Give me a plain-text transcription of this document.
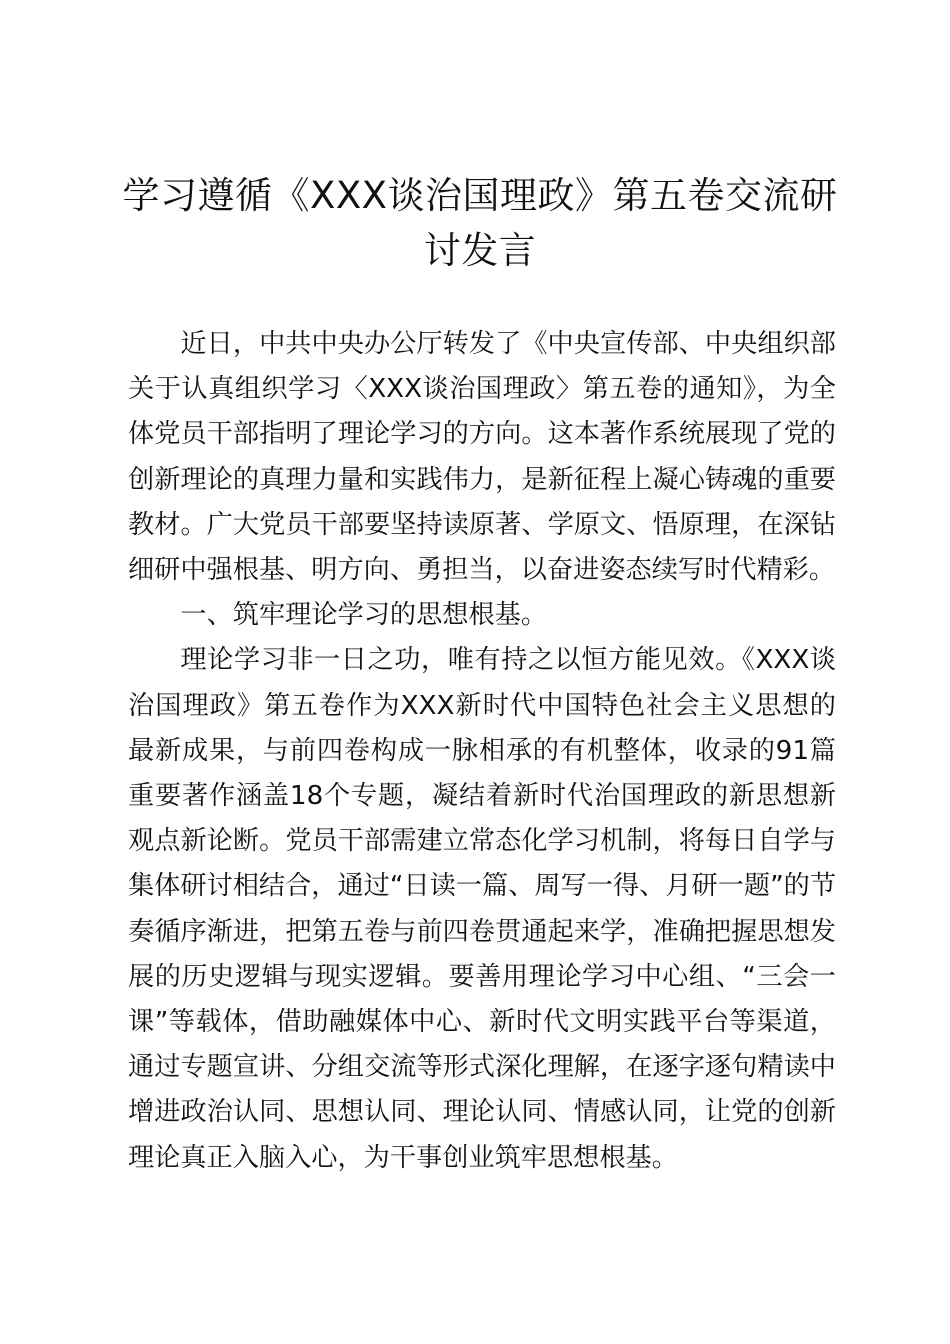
学习遵循《XXX谈治国理政》第五卷交流研讨发言

近日，中共中央办公厅转发了《中央宣传部、中央组织部关于认真组织学习〈XXX谈治国理政〉第五卷的通知》，为全体党员干部指明了理论学习的方向。这本著作系统展现了党的创新理论的真理力量和实践伟力，是新征程上凝心铸魂的重要教材。广大党员干部要坚持读原著、学原文、悟原理，在深钻细研中强根基、明方向、勇担当，以奋进姿态续写时代精彩。

一、筑牢理论学习的思想根基。

理论学习非一日之功，唯有持之以恒方能见效。《XXX谈治国理政》第五卷作为XXX新时代中国特色社会主义思想的最新成果，与前四卷构成一脉相承的有机整体，收录的91篇重要著作涵盖18个专题，凝结着新时代治国理政的新思想新观点新论断。党员干部需建立常态化学习机制，将每日自学与集体研讨相结合，通过“日读一篇、周写一得、月研一题”的节奏循序渐进，把第五卷与前四卷贯通起来学，准确把握思想发展的历史逻辑与现实逻辑。要善用理论学习中心组、“三会一课”等载体，借助融媒体中心、新时代文明实践平台等渠道，通过专题宣讲、分组交流等形式深化理解，在逐字逐句精读中增进政治认同、思想认同、理论认同、情感认同，让党的创新理论真正入脑入心，为干事创业筑牢思想根基。
